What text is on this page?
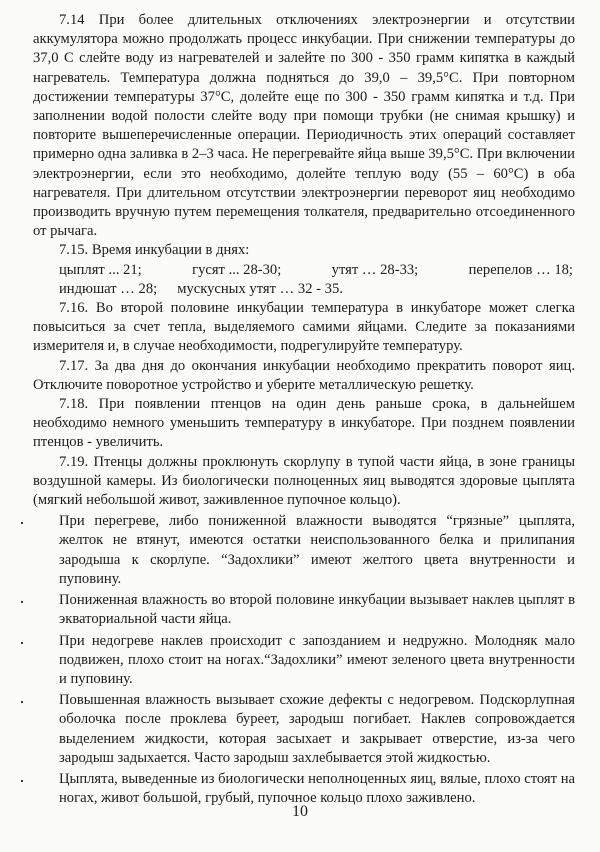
7.14 При более длительных отключениях электроэнергии и отсутствии аккумулятора можно продолжать процесс инкубации. При снижении температуры до 37,0 С слейте воду из нагревателей и залейте по 300 - 350 грамм кипятка в каждый нагреватель. Температура должна подняться до 39,0 – 39,5°С. При повторном достижении температуры 37°С, долейте еще по 300 - 350 грамм кипятка и т.д. При заполнении водой полости слейте воду при помощи трубки (не снимая крышку) и повторите вышеперечисленные операции. Периодичность этих операций составляет примерно одна заливка в 2–3 часа. Не перегревайте яйца выше 39,5°С. При включении электроэнергии, если это необходимо, долейте теплую воду (55 – 60°С) в оба нагревателя. При длительном отсутствии электроэнергии переворот яиц необходимо производить вручную путем перемещения толкателя, предварительно отсоединенного от рычага.

7.15. Время инкубации в днях:

цыплят ... 21;	гусят ... 28-30;	утят … 28-33;	перепелов … 18;
индюшат … 28; мускусных утят … 32 - 35.

7.16. Во второй половине инкубации температура в инкубаторе может слегка повыситься за счет тепла, выделяемого самими яйцами. Следите за показаниями измерителя и, в случае необходимости, подрегулируйте температуру.

7.17. За два дня до окончания инкубации необходимо прекратить поворот яиц. Отключите поворотное устройство и уберите металлическую решетку.

7.18. При появлении птенцов на один день раньше срока, в дальнейшем необходимо немного уменьшить температуру в инкубаторе. При позднем появлении птенцов - увеличить.

7.19. Птенцы должны проклюнуть скорлупу в тупой части яйца, в зоне границы воздушной камеры. Из биологически полноценных яиц выводятся здоровые цыплята (мягкий небольшой живот, заживленное пупочное кольцо).

· При перегреве, либо пониженной влажности выводятся “грязные” цыплята, желток не втянут, имеются остатки неиспользованного белка и прилипания зародыша к скорлупе. “Задохлики” имеют желтого цвета внутренности и пуповину.
· Пониженная влажность во второй половине инкубации вызывает наклев цыплят в экваториальной части яйца.
· При недогреве наклев происходит с запозданием и недружно. Молодняк мало подвижен, плохо стоит на ногах.“Задохлики” имеют зеленого цвета внутренности и пуповину.
· Повышенная влажность вызывает схожие дефекты с недогревом. Подскорлупная оболочка после проклева буреет, зародыш погибает. Наклев сопровождается выделением жидкости, которая засыхает и закрывает отверстие, из-за чего зародыш задыхается. Часто зародыш захлебывается этой жидкостью.
· Цыплята, выведенные из биологически неполноценных яиц, вялые, плохо стоят на ногах, живот большой, грубый, пупочное кольцо плохо заживлено.
10
